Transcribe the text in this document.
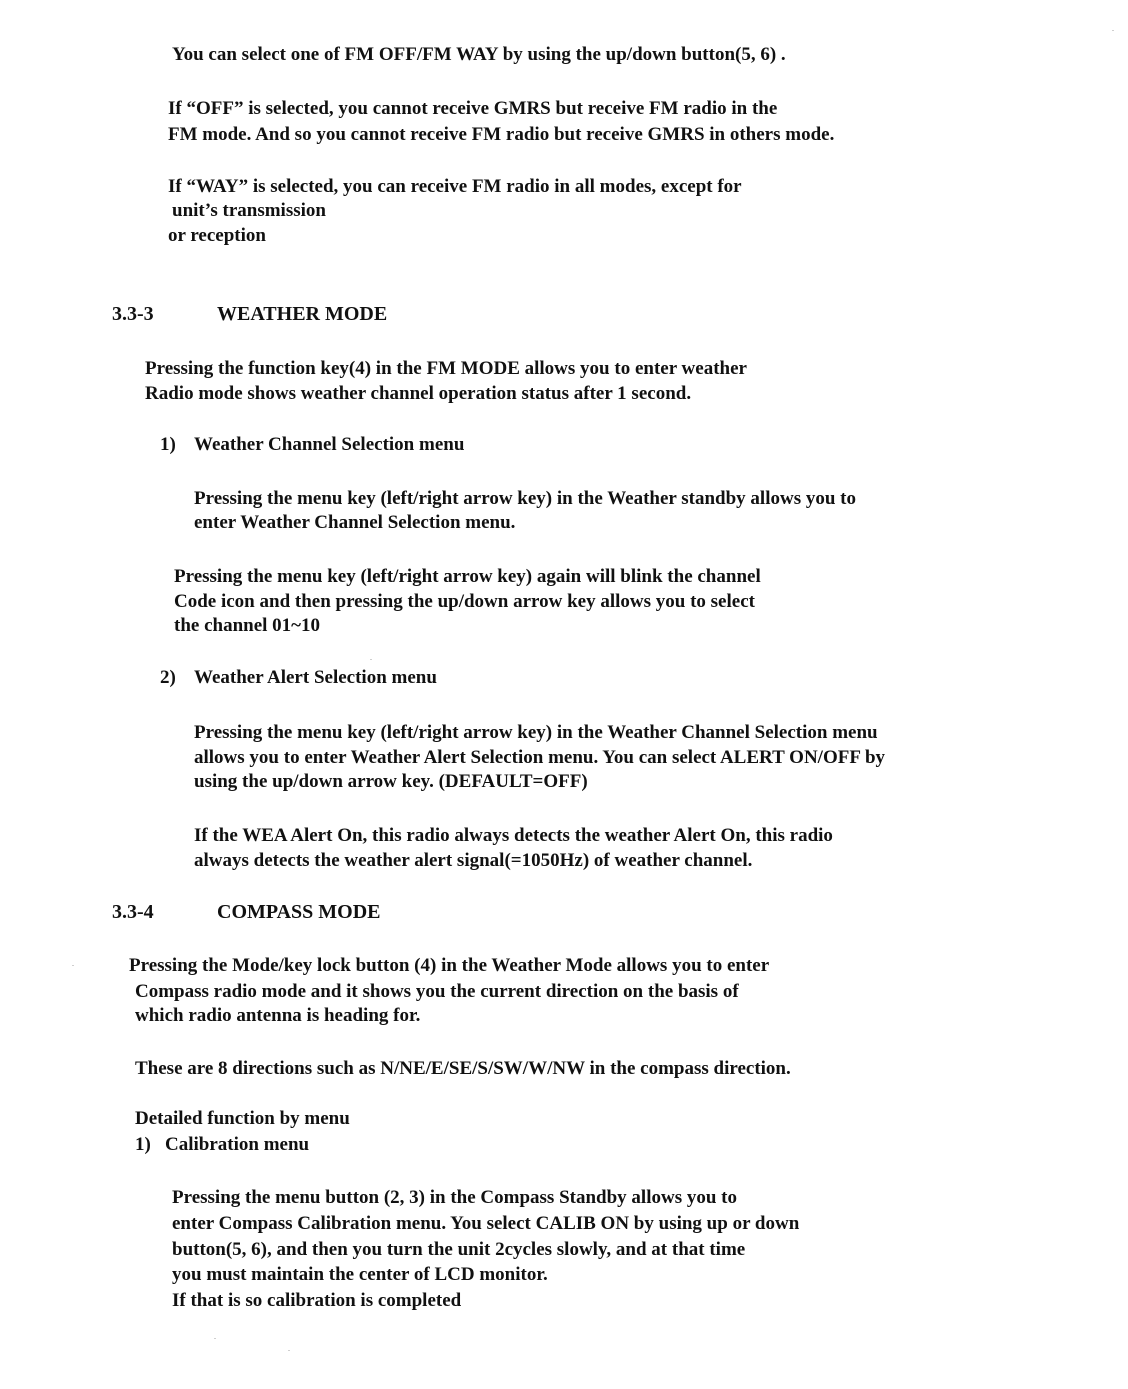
You can select one of FM OFF/FM WAY by using the up/down button(5, 6) .
If “OFF” is selected, you cannot receive GMRS but receive FM radio in the
FM mode. And so you cannot receive FM radio but receive GMRS in others mode.
If “WAY” is selected, you can receive FM radio in all modes, except for
unit’s transmission
or reception
3.3-3	WEATHER MODE
Pressing the function key(4) in the FM MODE allows you to enter weather
Radio mode shows weather channel operation status after 1 second.
1) Weather Channel Selection menu
Pressing the menu key (left/right arrow key) in the Weather standby allows you to
enter Weather Channel Selection menu.
Pressing the menu key (left/right arrow key) again will blink the channel
Code icon and then pressing the up/down arrow key allows you to select
the channel 01~10
2) Weather Alert Selection menu
Pressing the menu key (left/right arrow key) in the Weather Channel Selection menu
allows you to enter Weather Alert Selection menu. You can select ALERT ON/OFF by
using the up/down arrow key. (DEFAULT=OFF)
If the WEA Alert On, this radio always detects the weather Alert On, this radio
always detects the weather alert signal(=1050Hz) of weather channel.
3.3-4	COMPASS MODE
Pressing the Mode/key lock button (4) in the Weather Mode allows you to enter
Compass radio mode and it shows you the current direction on the basis of
which radio antenna is heading for.
These are 8 directions such as N/NE/E/SE/S/SW/W/NW in the compass direction.
Detailed function by menu
1) Calibration menu
Pressing the menu button (2, 3) in the Compass Standby allows you to
enter Compass Calibration menu. You select CALIB ON by using up or down
button(5, 6), and then you turn the unit 2cycles slowly, and at that time
you must maintain the center of LCD monitor.
If that is so calibration is completed
